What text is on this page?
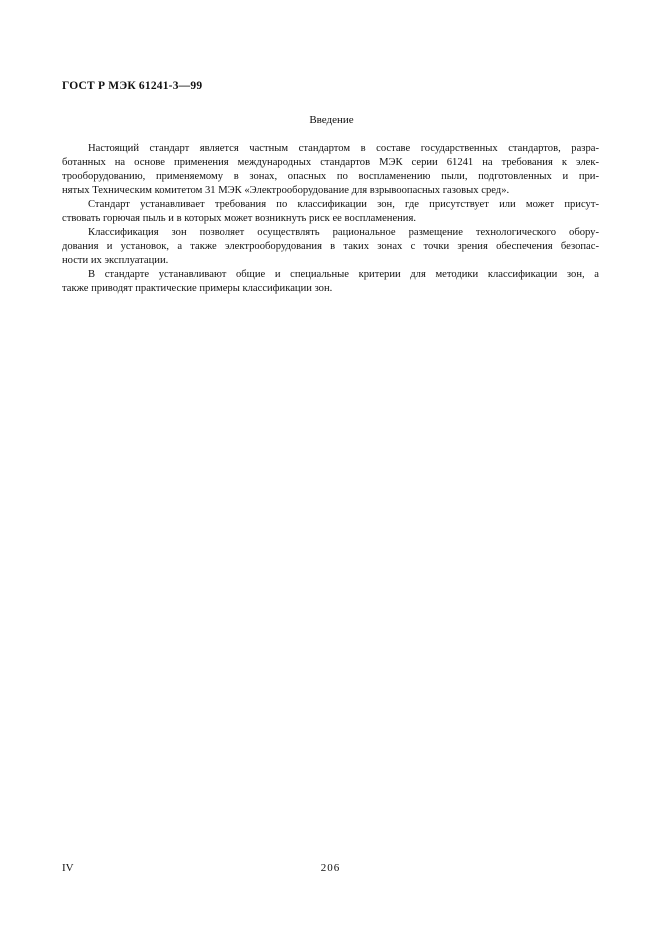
ГОСТ Р МЭК 61241-3—99
Введение
Настоящий стандарт является частным стандартом в составе государственных стандартов, разра-
ботанных на основе применения международных стандартов МЭК серии 61241 на требования к элек-
трооборудованию, применяемому в зонах, опасных по воспламенению пыли, подготовленных и при-
нятых Техническим комитетом 31 МЭК «Электрооборудование для взрывоопасных газовых сред».
Стандарт устанавливает требования по классификации зон, где присутствует или может присут-
ствовать горючая пыль и в которых может возникнуть риск ее воспламенения.
Классификация зон позволяет осуществлять рациональное размещение технологического обору-
дования и установок, а также электрооборудования в таких зонах с точки зрения обеспечения безопас-
ности их эксплуатации.
В стандарте устанавливают общие и специальные критерии для методики классификации зон, а
также приводят практические примеры классификации зон.
IV	206
